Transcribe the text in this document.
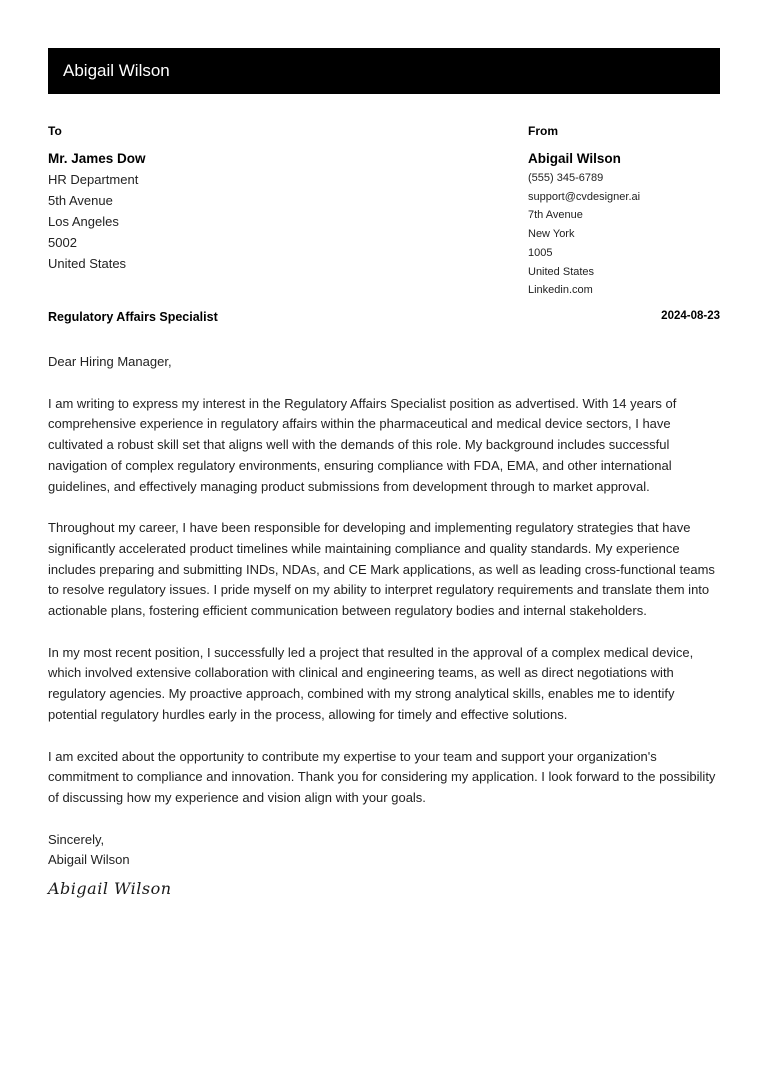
Abigail Wilson
To
Mr. James Dow
HR Department
5th Avenue
Los Angeles
5002
United States
From
Abigail Wilson
(555) 345-6789
support@cvdesigner.ai
7th Avenue
New York
1005
United States
Linkedin.com
Regulatory Affairs Specialist	2024-08-23

Dear Hiring Manager,

I am writing to express my interest in the Regulatory Affairs Specialist position as advertised. With 14 years of comprehensive experience in regulatory affairs within the pharmaceutical and medical device sectors, I have cultivated a robust skill set that aligns well with the demands of this role. My background includes successful navigation of complex regulatory environments, ensuring compliance with FDA, EMA, and other international guidelines, and effectively managing product submissions from development through to market approval.

Throughout my career, I have been responsible for developing and implementing regulatory strategies that have significantly accelerated product timelines while maintaining compliance and quality standards. My experience includes preparing and submitting INDs, NDAs, and CE Mark applications, as well as leading cross-functional teams to resolve regulatory issues. I pride myself on my ability to interpret regulatory requirements and translate them into actionable plans, fostering efficient communication between regulatory bodies and internal stakeholders.

In my most recent position, I successfully led a project that resulted in the approval of a complex medical device, which involved extensive collaboration with clinical and engineering teams, as well as direct negotiations with regulatory agencies. My proactive approach, combined with my strong analytical skills, enables me to identify potential regulatory hurdles early in the process, allowing for timely and effective solutions.

I am excited about the opportunity to contribute my expertise to your team and support your organization's commitment to compliance and innovation. Thank you for considering my application. I look forward to the possibility of discussing how my experience and vision align with your goals.

Sincerely,
Abigail Wilson
Abigail Wilson
